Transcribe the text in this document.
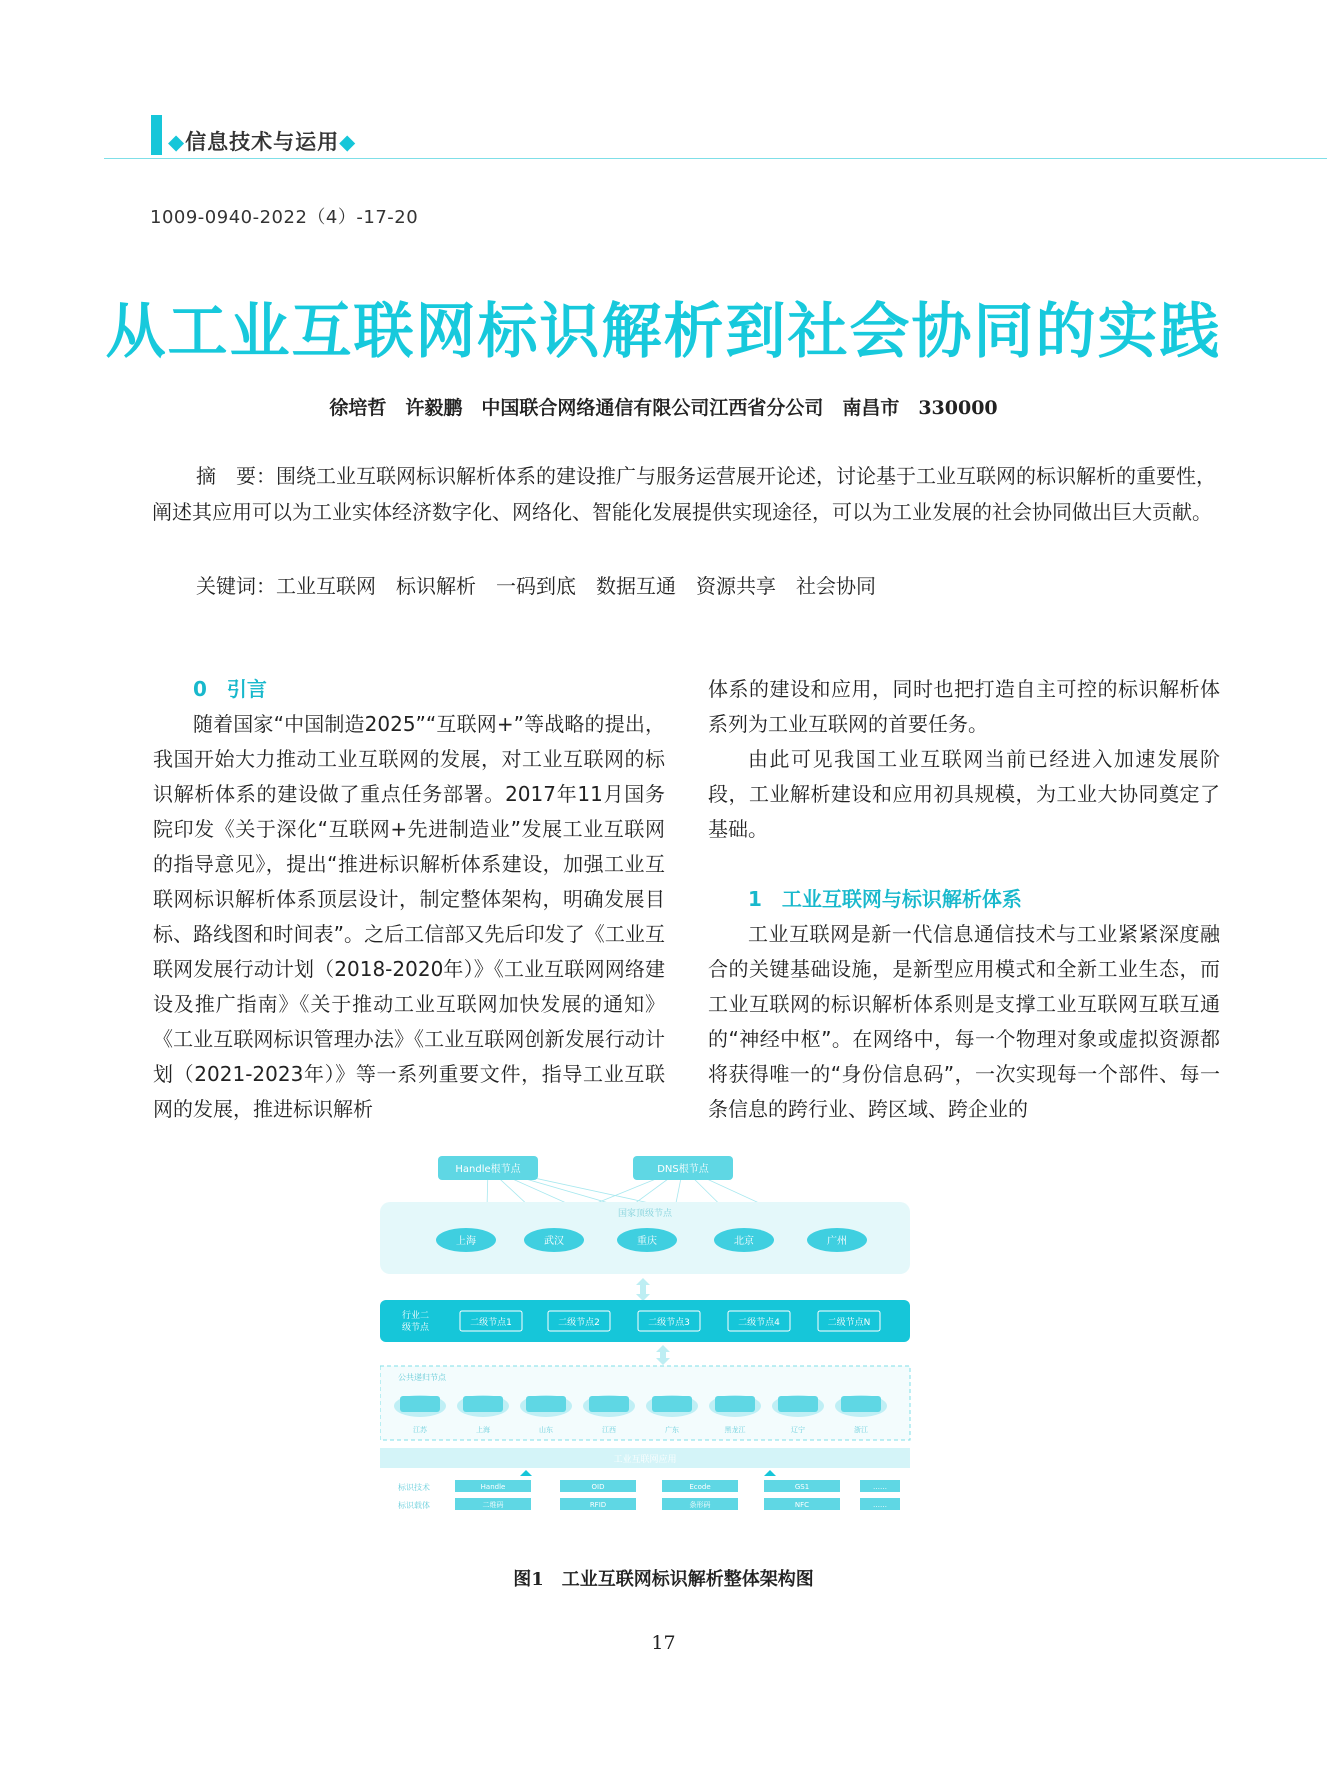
◆信息技术与运用◆
1009-0940-2022（4）-17-20
从工业互联网标识解析到社会协同的实践
徐培哲　许毅鹏　中国联合网络通信有限公司江西省分公司　南昌市　330000
摘　要：围绕工业互联网标识解析体系的建设推广与服务运营展开论述，讨论基于工业互联网的标识解析的重要性，阐述其应用可以为工业实体经济数字化、网络化、智能化发展提供实现途径，可以为工业发展的社会协同做出巨大贡献。
关键词：工业互联网　标识解析　一码到底　数据互通　资源共享　社会协同

0　引言

随着国家“中国制造2025”“互联网+”等战略的提出，我国开始大力推动工业互联网的发展，对工业互联网的标识解析体系的建设做了重点任务部署。2017年11月国务院印发《关于深化“互联网+先进制造业”发展工业互联网的指导意见》，提出“推进标识解析体系建设，加强工业互联网标识解析体系顶层设计，制定整体架构，明确发展目标、路线图和时间表”。之后工信部又先后印发了《工业互联网发展行动计划（2018-2020年）》《工业互联网网络建设及推广指南》《关于推动工业互联网加快发展的通知》《工业互联网标识管理办法》《工业互联网创新发展行动计划（2021-2023年）》等一系列重要文件，指导工业互联网的发展，推进标识解析

体系的建设和应用，同时也把打造自主可控的标识解析体系列为工业互联网的首要任务。

由此可见我国工业互联网当前已经进入加速发展阶段，工业解析建设和应用初具规模，为工业大协同奠定了基础。

1　工业互联网与标识解析体系

工业互联网是新一代信息通信技术与工业紧紧深度融合的关键基础设施，是新型应用模式和全新工业生态，而工业互联网的标识解析体系则是支撑工业互联网互联互通的“神经中枢”。在网络中，每一个物理对象或虚拟资源都将获得唯一的“身份信息码”，一次实现每一个部件、每一条信息的跨行业、跨区域、跨企业的

Handle根节点	DNS根节点
国家顶级节点
上海	武汉	重庆	北京	广州
行业二
级节点	二级节点1	二级节点2	二级节点3	二级节点4	二级节点N
公共递归节点
江苏	上海	山东	江西	广东	黑龙江	辽宁	浙江
工业互联网应用
标识技术
标识载体
Handle	OID	Ecode	GS1	……
二维码	RFID	条形码	NFC	……
图1　工业互联网标识解析整体架构图
17
